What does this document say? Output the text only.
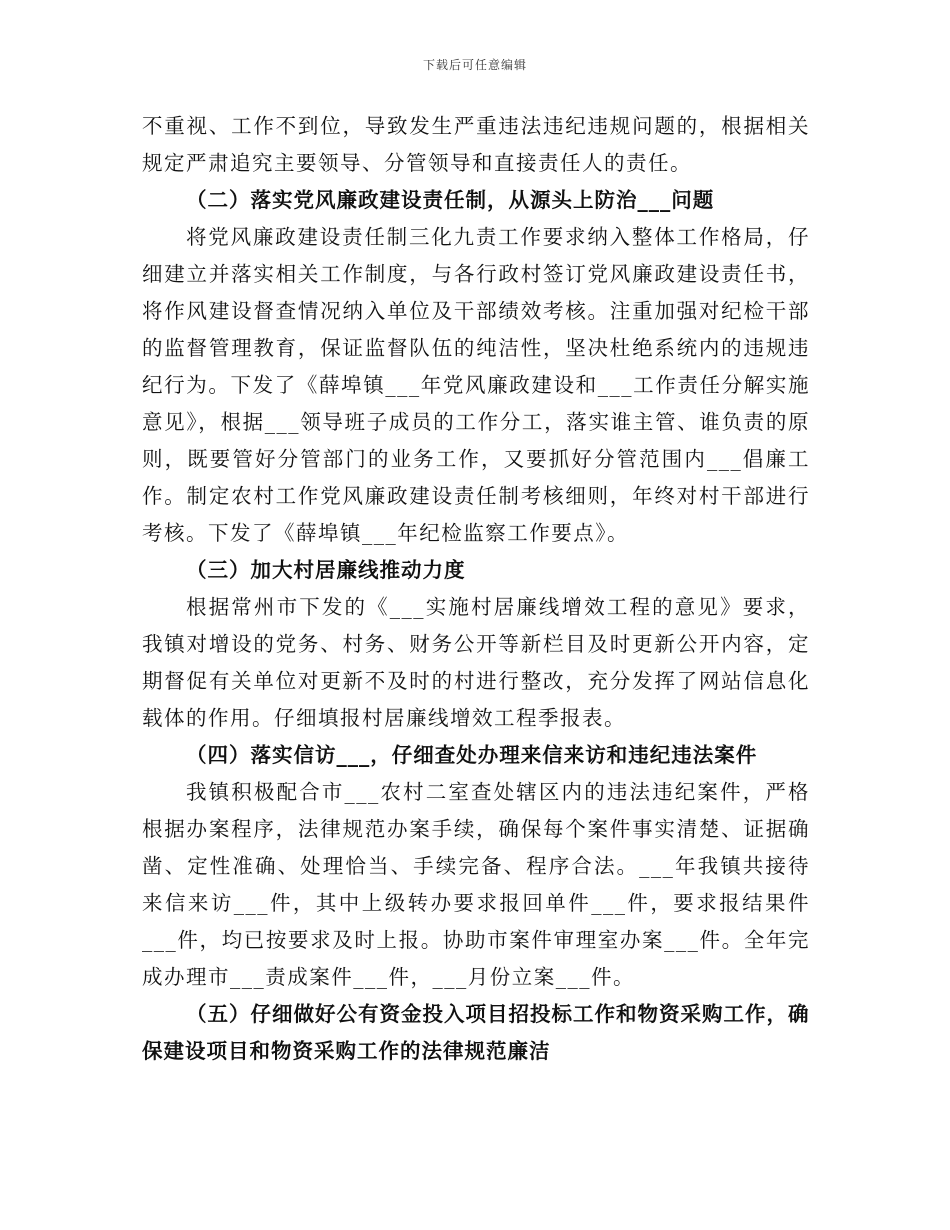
下载后可任意编辑

不重视、工作不到位，导致发生严重违法违纪违规问题的，根据相关规定严肃追究主要领导、分管领导和直接责任人的责任。

（二）落实党风廉政建设责任制，从源头上防治___问题

将党风廉政建设责任制三化九责工作要求纳入整体工作格局，仔细建立并落实相关工作制度，与各行政村签订党风廉政建设责任书，将作风建设督查情况纳入单位及干部绩效考核。注重加强对纪检干部的监督管理教育，保证监督队伍的纯洁性，坚决杜绝系统内的违规违纪行为。下发了《薛埠镇___年党风廉政建设和___工作责任分解实施意见》，根据___领导班子成员的工作分工，落实谁主管、谁负责的原则，既要管好分管部门的业务工作，又要抓好分管范围内___倡廉工作。制定农村工作党风廉政建设责任制考核细则，年终对村干部进行考核。下发了《薛埠镇___年纪检监察工作要点》。

（三）加大村居廉线推动力度

根据常州市下发的《___实施村居廉线增效工程的意见》要求，我镇对增设的党务、村务、财务公开等新栏目及时更新公开内容，定期督促有关单位对更新不及时的村进行整改，充分发挥了网站信息化载体的作用。仔细填报村居廉线增效工程季报表。

（四）落实信访___，仔细查处办理来信来访和违纪违法案件

我镇积极配合市___农村二室查处辖区内的违法违纪案件，严格根据办案程序，法律规范办案手续，确保每个案件事实清楚、证据确凿、定性准确、处理恰当、手续完备、程序合法。___年我镇共接待来信来访___件，其中上级转办要求报回单件___件，要求报结果件___件，均已按要求及时上报。协助市案件审理室办案___件。全年完成办理市___责成案件___件，___月份立案___件。

（五）仔细做好公有资金投入项目招投标工作和物资采购工作，确保建设项目和物资采购工作的法律规范廉洁
